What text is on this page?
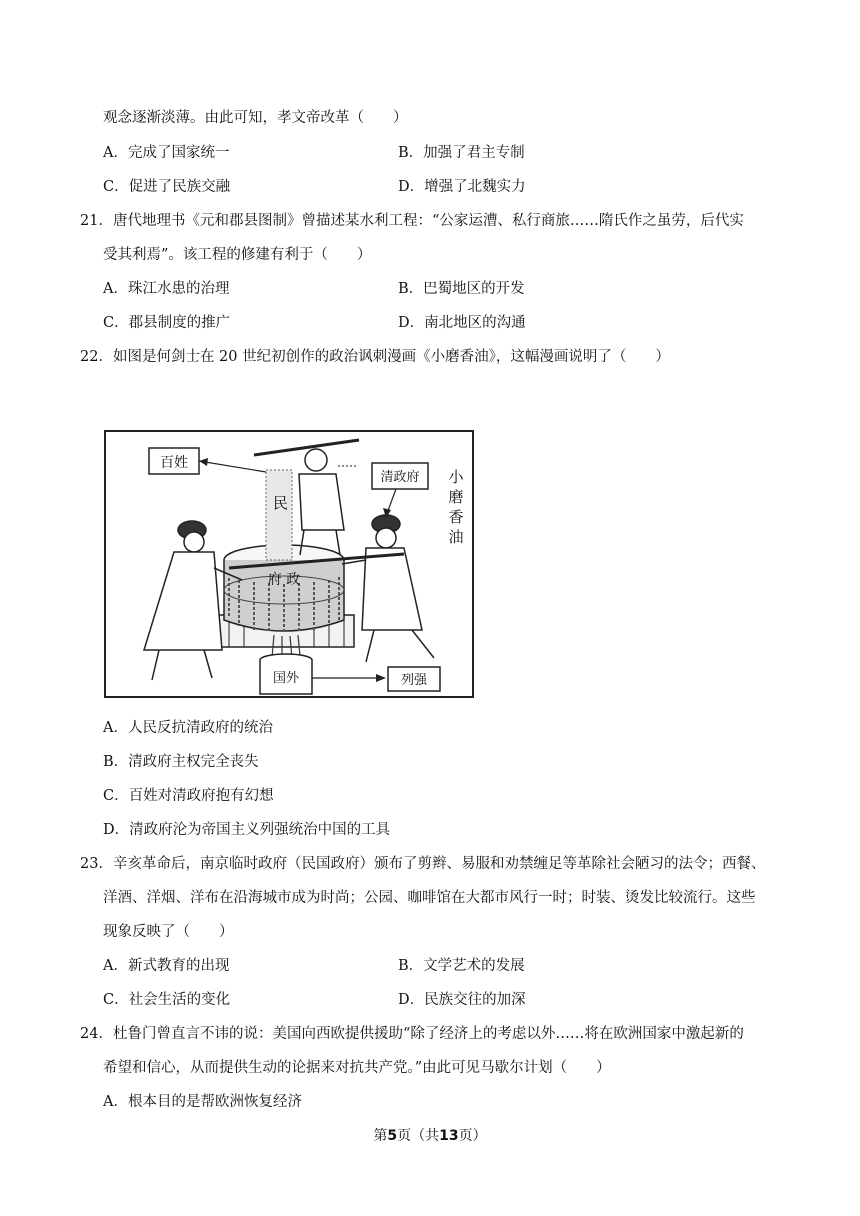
观念逐渐淡薄。由此可知，孝文帝改革（　　）
A．完成了国家统一	B．加强了君主专制
C．促进了民族交融	D．增强了北魏实力
21．唐代地理书《元和郡县图制》曾描述某水利工程：“公家运漕、私行商旅……隋氏作之虽劳，后代实
受其利焉”。该工程的修建有利于（　　）
A．珠江水患的治理	B．巴蜀地区的开发
C．郡县制度的推广	D．南北地区的沟通
22．如图是何剑士在 20 世纪初创作的政治讽刺漫画《小磨香油》，这幅漫画说明了（　　）
百姓
清政府
民
府 政
国外	列强
小
磨
香
油
A．人民反抗清政府的统治
B．清政府主权完全丧失
C．百姓对清政府抱有幻想
D．清政府沦为帝国主义列强统治中国的工具
23．辛亥革命后，南京临时政府（民国政府）颁布了剪辫、易服和劝禁缠足等革除社会陋习的法令；西餐、
洋酒、洋烟、洋布在沿海城市成为时尚；公园、咖啡馆在大都市风行一时；时装、烫发比较流行。这些
现象反映了（　　）
A．新式教育的出现	B．文学艺术的发展
C．社会生活的变化	D．民族交往的加深
24．杜鲁门曾直言不讳的说：美国向西欧提供援助“除了经济上的考虑以外……将在欧洲国家中激起新的
希望和信心，从而提供生动的论据来对抗共产党。”由此可见马歇尔计划（　　）
A．根本目的是帮欧洲恢复经济
第5页（共13页）
